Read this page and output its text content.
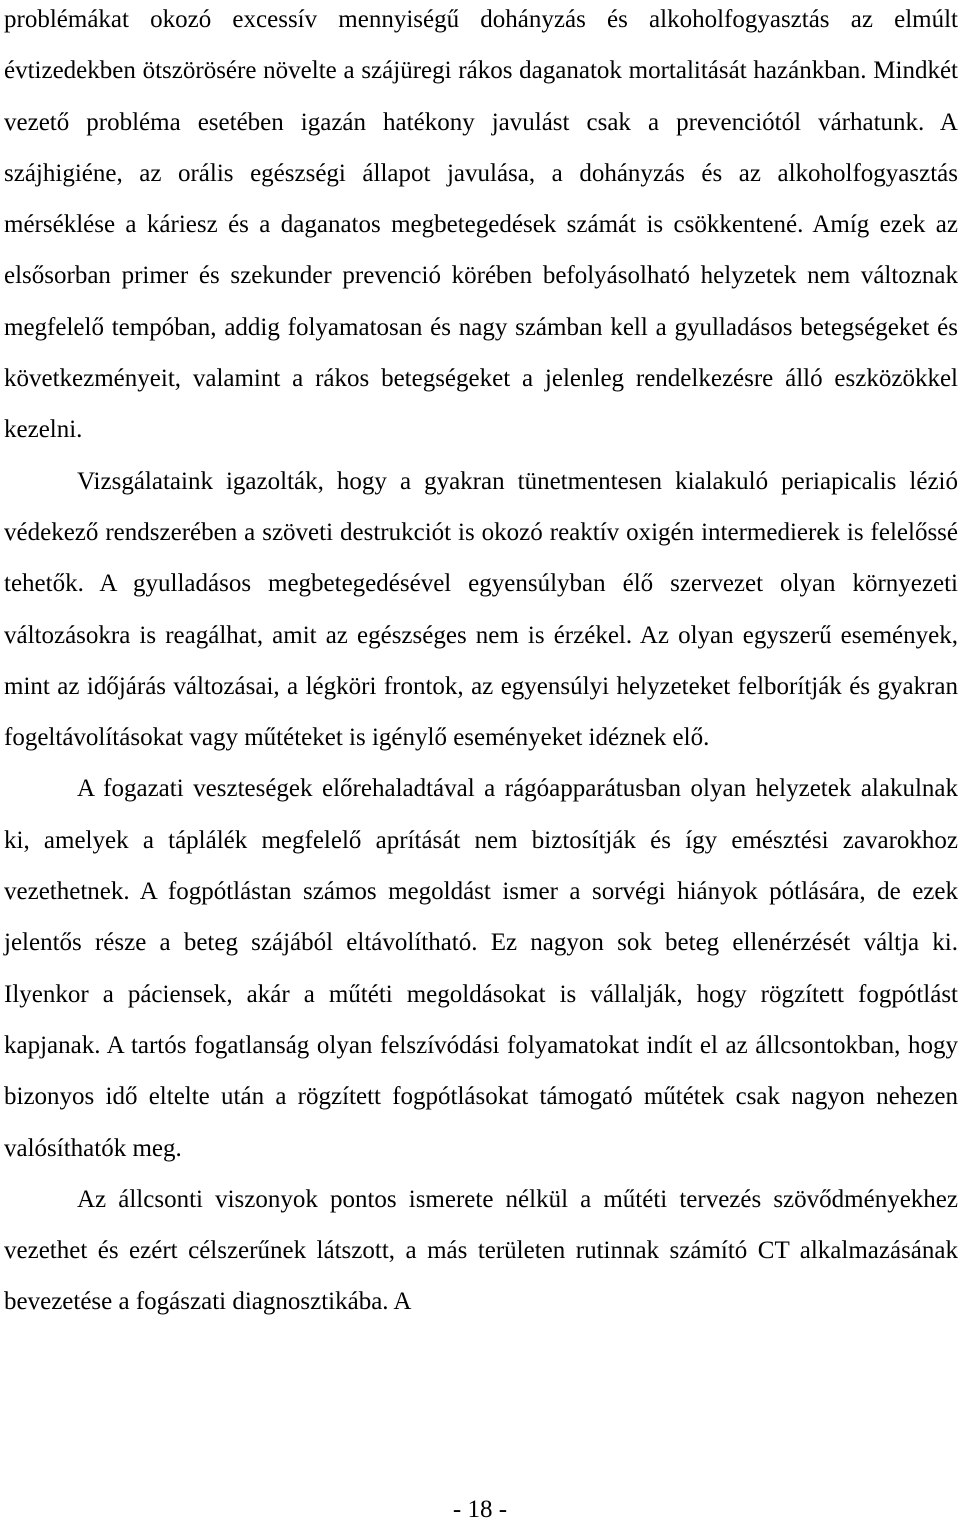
problémákat okozó excessív mennyiségű dohányzás és alkoholfogyasztás az elmúlt évtizedekben ötszörösére növelte a szájüregi rákos daganatok mortalitását hazánkban. Mindkét vezető probléma esetében igazán hatékony javulást csak a prevenciótól várhatunk. A szájhigiéne, az orális egészségi állapot javulása, a dohányzás és az alkoholfogyasztás mérséklése a káriesz és a daganatos megbetegedések számát is csökkentené. Amíg ezek az elsősorban primer és szekunder prevenció körében befolyásolható helyzetek nem változnak megfelelő tempóban, addig folyamatosan és nagy számban kell a gyulladásos betegségeket és következményeit, valamint a rákos betegségeket a jelenleg rendelkezésre álló eszközökkel kezelni.

Vizsgálataink igazolták, hogy a gyakran tünetmentesen kialakuló periapicalis lézió védekező rendszerében a szöveti destrukciót is okozó reaktív oxigén intermedierek is felelőssé tehetők. A gyulladásos megbetegedésével egyensúlyban élő szervezet olyan környezeti változásokra is reagálhat, amit az egészséges nem is érzékel. Az olyan egyszerű események, mint az időjárás változásai, a légköri frontok, az egyensúlyi helyzeteket felborítják és gyakran fogeltávolításokat vagy műtéteket is igénylő eseményeket idéznek elő.

A fogazati veszteségek előrehaladtával a rágóapparátusban olyan helyzetek alakulnak ki, amelyek a táplálék megfelelő aprítását nem biztosítják és így emésztési zavarokhoz vezethetnek. A fogpótlástan számos megoldást ismer a sorvégi hiányok pótlására, de ezek jelentős része a beteg szájából eltávolítható. Ez nagyon sok beteg ellenérzését váltja ki. Ilyenkor a páciensek, akár a műtéti megoldásokat is vállalják, hogy rögzített fogpótlást kapjanak. A tartós fogatlanság olyan felszívódási folyamatokat indít el az állcsontokban, hogy bizonyos idő eltelte után a rögzített fogpótlásokat támogató műtétek csak nagyon nehezen valósíthatók meg.

Az állcsonti viszonyok pontos ismerete nélkül a műtéti tervezés szövődményekhez vezethet és ezért célszerűnek látszott, a más területen rutinnak számító CT alkalmazásának bevezetése a fogászati diagnosztikába. A

- 18 -
